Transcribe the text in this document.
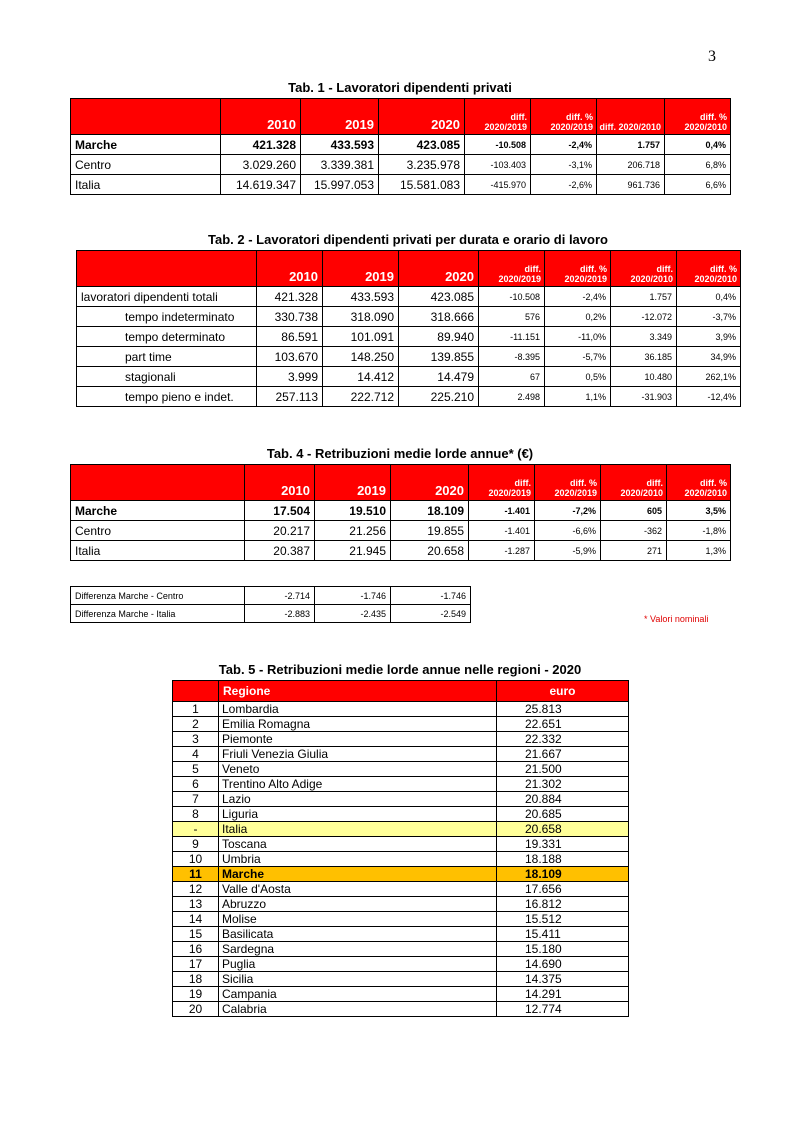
3
Tab. 1 - Lavoratori dipendenti privati
	2010	2019	2020	diff. 2020/2019	diff. % 2020/2019	diff. 2020/2010	diff. % 2020/2010
Marche	421.328	433.593	423.085	-10.508	-2,4%	1.757	0,4%
Centro	3.029.260	3.339.381	3.235.978	-103.403	-3,1%	206.718	6,8%
Italia	14.619.347	15.997.053	15.581.083	-415.970	-2,6%	961.736	6,6%
Tab. 2 - Lavoratori dipendenti privati per durata e orario di lavoro
	2010	2019	2020	diff. 2020/2019	diff. % 2020/2019	diff. 2020/2010	diff. % 2020/2010
lavoratori dipendenti totali	421.328	433.593	423.085	-10.508	-2,4%	1.757	0,4%
tempo indeterminato	330.738	318.090	318.666	576	0,2%	-12.072	-3,7%
tempo determinato	86.591	101.091	89.940	-11.151	-11,0%	3.349	3,9%
part time	103.670	148.250	139.855	-8.395	-5,7%	36.185	34,9%
stagionali	3.999	14.412	14.479	67	0,5%	10.480	262,1%
tempo pieno e indet.	257.113	222.712	225.210	2.498	1,1%	-31.903	-12,4%
Tab. 4 - Retribuzioni medie lorde annue* (€)
	2010	2019	2020	diff. 2020/2019	diff. % 2020/2019	diff. 2020/2010	diff. % 2020/2010
Marche	17.504	19.510	18.109	-1.401	-7,2%	605	3,5%
Centro	20.217	21.256	19.855	-1.401	-6,6%	-362	-1,8%
Italia	20.387	21.945	20.658	-1.287	-5,9%	271	1,3%
Differenza Marche - Centro	-2.714	-1.746	-1.746
Differenza Marche - Italia	-2.883	-2.435	-2.549
* Valori nominali
Tab. 5 - Retribuzioni medie lorde annue nelle regioni - 2020
	Regione	euro
1	Lombardia	25.813
2	Emilia Romagna	22.651
3	Piemonte	22.332
4	Friuli Venezia Giulia	21.667
5	Veneto	21.500
6	Trentino Alto Adige	21.302
7	Lazio	20.884
8	Liguria	20.685
-	Italia	20.658
9	Toscana	19.331
10	Umbria	18.188
11	Marche	18.109
12	Valle d'Aosta	17.656
13	Abruzzo	16.812
14	Molise	15.512
15	Basilicata	15.411
16	Sardegna	15.180
17	Puglia	14.690
18	Sicilia	14.375
19	Campania	14.291
20	Calabria	12.774
